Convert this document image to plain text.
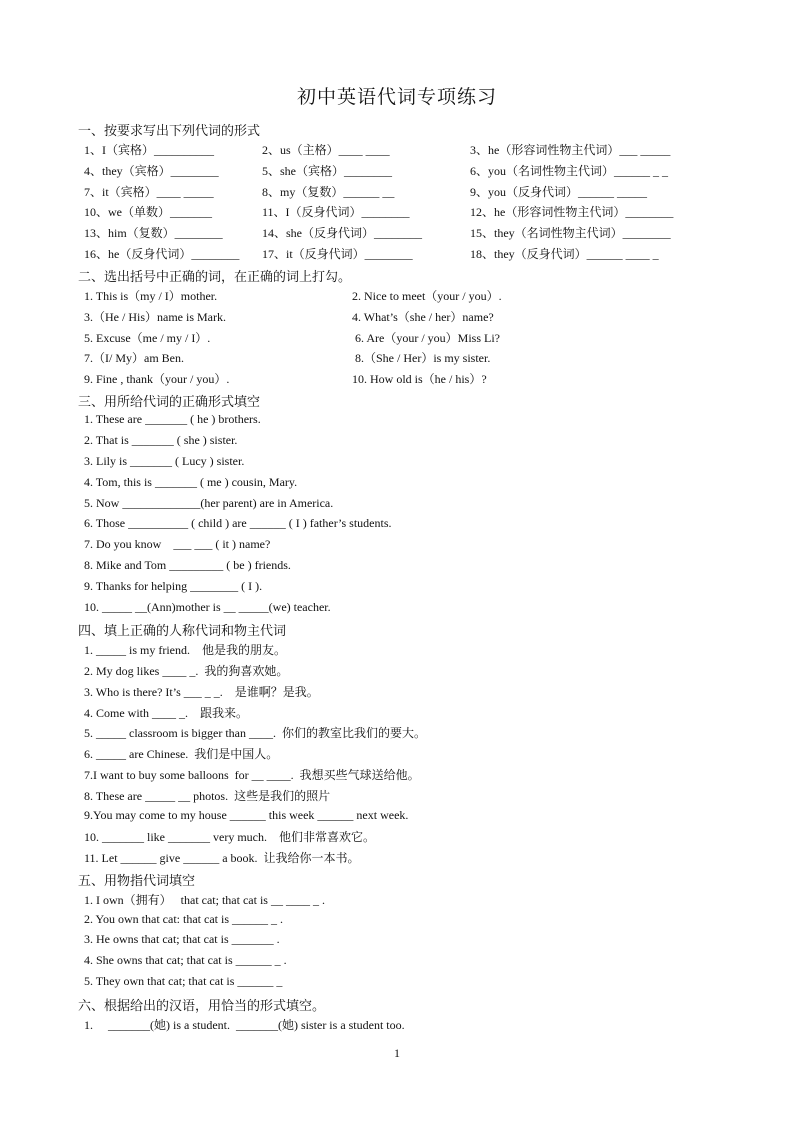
初中英语代词专项练习
一、按要求写出下列代词的形式
1、I（宾格）__________	2、us（主格）____ ____	3、he（形容词性物主代词）___ _____
4、they（宾格）________	5、she（宾格）________	6、you（名词性物主代词）______ _ _
7、it（宾格）____ _____	8、my（复数）______ __	9、you（反身代词）______ _____
10、we（单数）_______	11、I（反身代词）________	12、he（形容词性物主代词）________
13、him（复数）________	14、she（反身代词）________	15、they（名词性物主代词）________
16、he（反身代词）________ 17、it（反身代词）________	18、they（反身代词）______ ____ _
二、选出括号中正确的词，在正确的词上打勾。
1. This is（my / I）mother.	2. Nice to meet（your / you）.
3.（He / His）name is Mark.	4. What’s（she / her）name?
5. Excuse（me / my / I）.	6. Are（your / you）Miss Li?
7.（I/ My）am Ben.	8.（She / Her）is my sister.
9. Fine , thank（your / you）.	10. How old is（he / his）?
三、用所给代词的正确形式填空
1. These are _______ ( he ) brothers.
2. That is _______ ( she ) sister.
3. Lily is _______ ( Lucy ) sister.
4. Tom, this is _______ ( me ) cousin, Mary.
5. Now _____________(her parent) are in America.
6. Those __________ ( child ) are ______ ( I ) father’s students.
7. Do you know    ___ ___ ( it ) name?
8. Mike and Tom _________ ( be ) friends.
9. Thanks for helping ________ ( I ).
10. _____ __(Ann)mother is __ _____(we) teacher.
四、填上正确的人称代词和物主代词
1. _____ is my friend.    他是我的朋友。
2. My dog likes ____ _.  我的狗喜欢她。
3. Who is there? It’s ___ _ _.    是谁啊？是我。
4. Come with ____ _.    跟我来。
5. _____ classroom is bigger than ____.  你们的教室比我们的要大。
6. _____ are Chinese.  我们是中国人。
7.I want to buy some balloons  for __ ____.  我想买些气球送给他。
8. These are _____ __ photos.  这些是我们的照片
9.You may come to my house ______ this week ______ next week.
10. _______ like _______ very much.    他们非常喜欢它。
11. Let ______ give ______ a book.  让我给你一本书。
五、用物指代词填空
1. I own（拥有）   that cat; that cat is __ ____ _ .
2. You own that cat: that cat is ______ _ .
3. He owns that cat; that cat is _______ .
4. She owns that cat; that cat is ______ _ .
5. They own that cat; that cat is ______ _
六、根据给出的汉语，用恰当的形式填空。
1.     _______(她) is a student.  _______(她) sister is a student too.
1
